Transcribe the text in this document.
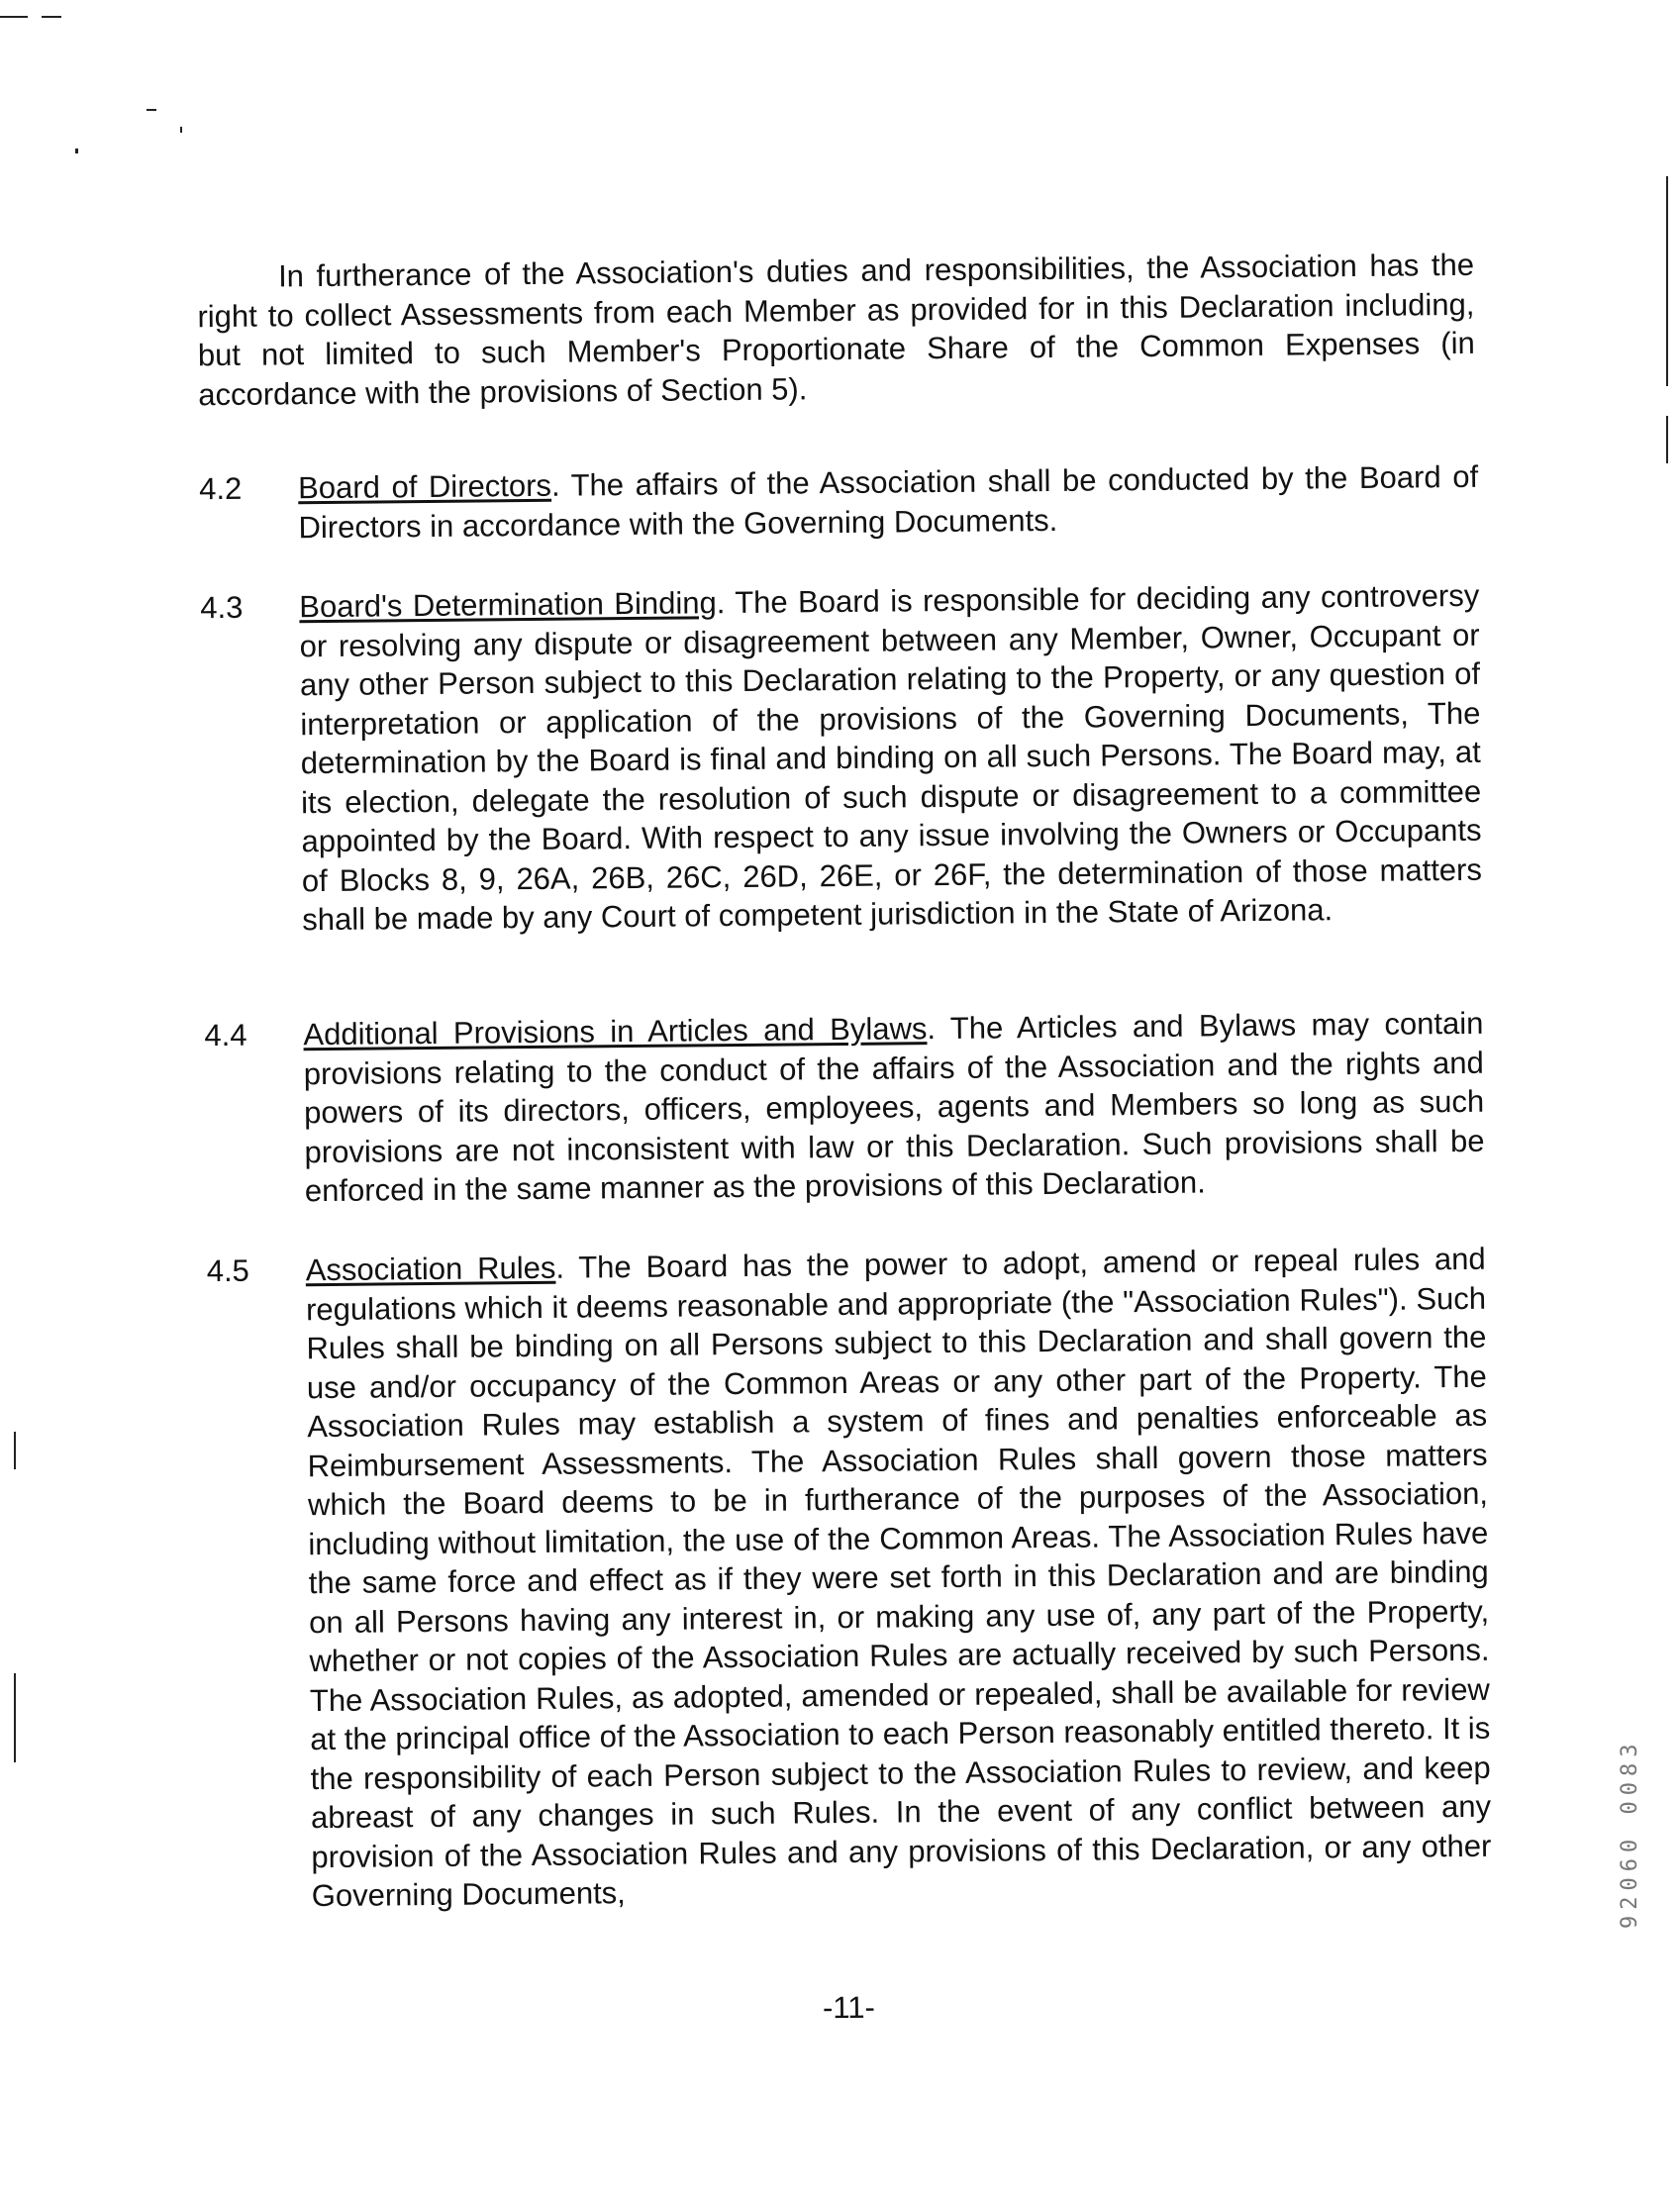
In furtherance of the Association's duties and responsibilities, the Association has the right to collect Assessments from each Member as provided for in this Declaration including, but not limited to such Member's Proportionate Share of the Common Expenses (in accordance with the provisions of Section 5).

4.2 Board of Directors. The affairs of the Association shall be conducted by the Board of Directors in accordance with the Governing Documents.

4.3 Board's Determination Binding. The Board is responsible for deciding any controversy or resolving any dispute or disagreement between any Member, Owner, Occupant or any other Person subject to this Declaration relating to the Property, or any question of interpretation or application of the provisions of the Governing Documents, The determination by the Board is final and binding on all such Persons. The Board may, at its election, delegate the resolution of such dispute or disagreement to a committee appointed by the Board. With respect to any issue involving the Owners or Occupants of Blocks 8, 9, 26A, 26B, 26C, 26D, 26E, or 26F, the determination of those matters shall be made by any Court of competent jurisdiction in the State of Arizona.

4.4 Additional Provisions in Articles and Bylaws. The Articles and Bylaws may contain provisions relating to the conduct of the affairs of the Association and the rights and powers of its directors, officers, employees, agents and Members so long as such provisions are not inconsistent with law or this Declaration. Such provisions shall be enforced in the same manner as the provisions of this Declaration.

4.5 Association Rules. The Board has the power to adopt, amend or repeal rules and regulations which it deems reasonable and appropriate (the "Association Rules"). Such Rules shall be binding on all Persons subject to this Declaration and shall govern the use and/or occupancy of the Common Areas or any other part of the Property. The Association Rules may establish a system of fines and penalties enforceable as Reimbursement Assessments. The Association Rules shall govern those matters which the Board deems to be in furtherance of the purposes of the Association, including without limitation, the use of the Common Areas. The Association Rules have the same force and effect as if they were set forth in this Declaration and are binding on all Persons having any interest in, or making any use of, any part of the Property, whether or not copies of the Association Rules are actually received by such Persons. The Association Rules, as adopted, amended or repealed, shall be available for review at the principal office of the Association to each Person reasonably entitled thereto. It is the responsibility of each Person subject to the Association Rules to review, and keep abreast of any changes in such Rules. In the event of any conflict between any provision of the Association Rules and any provisions of this Declaration, or any other Governing Documents,

-11-
92060 0083
